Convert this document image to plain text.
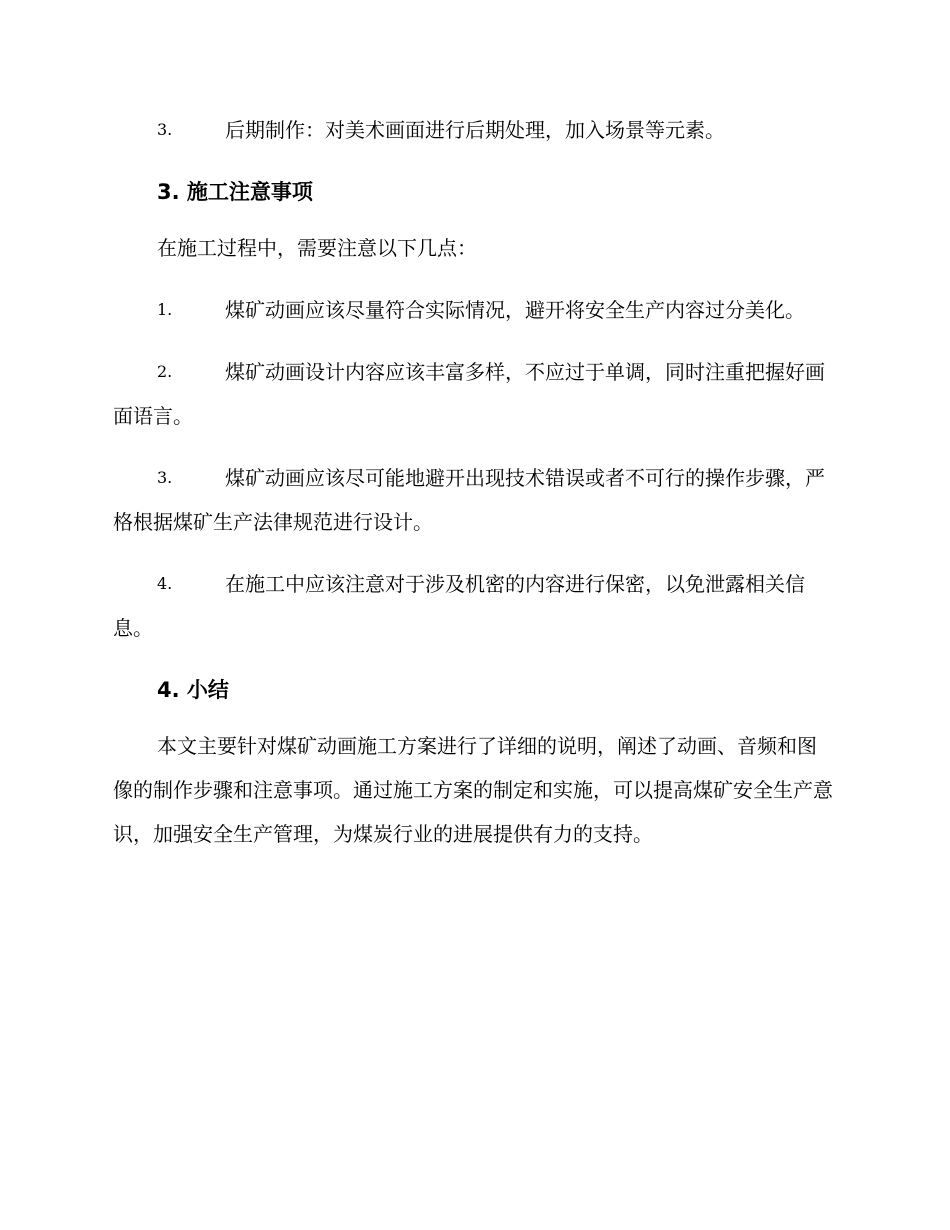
3.	后期制作：对美术画面进行后期处理，加入场景等元素。
3. 施工注意事项
在施工过程中，需要注意以下几点：
1.	煤矿动画应该尽量符合实际情况，避开将安全生产内容过分美化。
2.	煤矿动画设计内容应该丰富多样，不应过于单调，同时注重把握好画面语言。
3.	煤矿动画应该尽可能地避开出现技术错误或者不可行的操作步骤，严格根据煤矿生产法律规范进行设计。
4.	在施工中应该注意对于涉及机密的内容进行保密，以免泄露相关信息。
4. 小结
本文主要针对煤矿动画施工方案进行了详细的说明，阐述了动画、音频和图像的制作步骤和注意事项。通过施工方案的制定和实施，可以提高煤矿安全生产意识，加强安全生产管理，为煤炭行业的进展提供有力的支持。
